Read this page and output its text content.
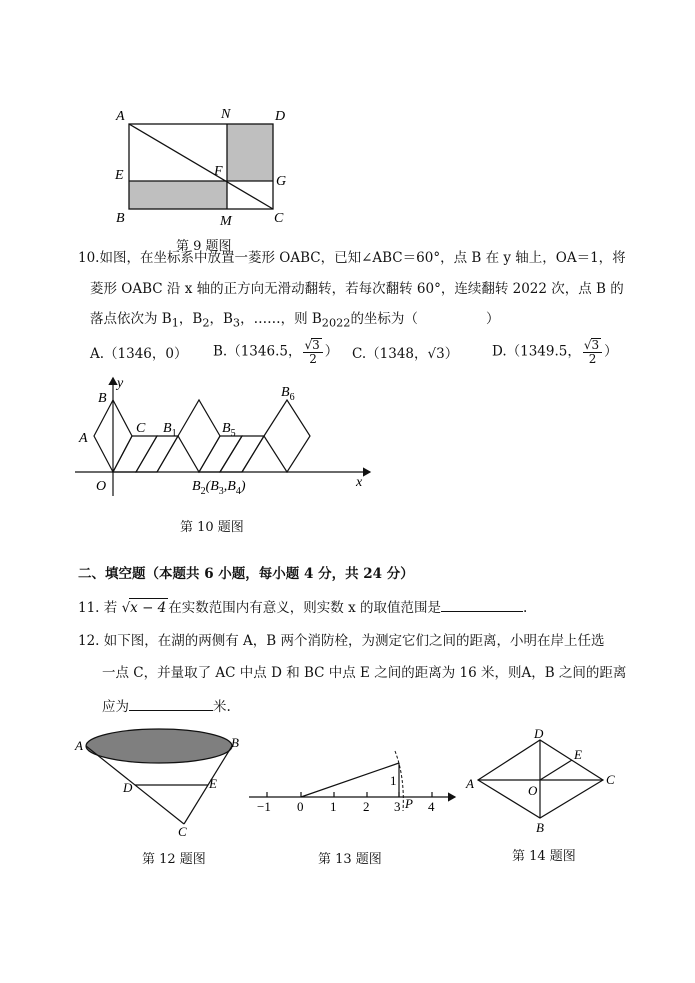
A	N	D
E	F
G
B	M	C
第 9 题图
10.如图，在坐标系中放置一菱形 OABC，已知∠ABC＝60°，点 B 在 y 轴上，OA＝1，将
菱形 OABC 沿 x 轴的正方向无滑动翻转，若每次翻转 60°，连续翻转 2022 次，点 B 的
落点依次为 $B_1$，$B_2$，$B_3$，……，则 $B_{2022}$的坐标为（	）
A.（1346，0） B.（1346.5， $\frac{√3}{2}$ ） C.（1348，√3）	D.（1349.5， $\frac{√3}{2}$ ）
y
B
A
C
O	x
$B_1$	$B_5$
$B_6$
$B_2(B_3,B_4)$
第 10 题图
二、填空题（本题共 6 小题，每小题 4 分，共 24 分）
11. 若 √x − 4 在实数范围内有意义，则实数 x 的取值范围是	.
12. 如下图，在湖的两侧有 A，B 两个消防栓，为测定它们之间的距离，小明在岸上任选
一点 C，并量取了 AC 中点 D 和 BC 中点 E 之间的距离为 16 米，则A，B 之间的距离
应为	米.
A	B
D	E
C
第 12 题图
1
−1 0 1 2 3 4
P
第 13 题图
D
E
A	O
C
B
第 14 题图
